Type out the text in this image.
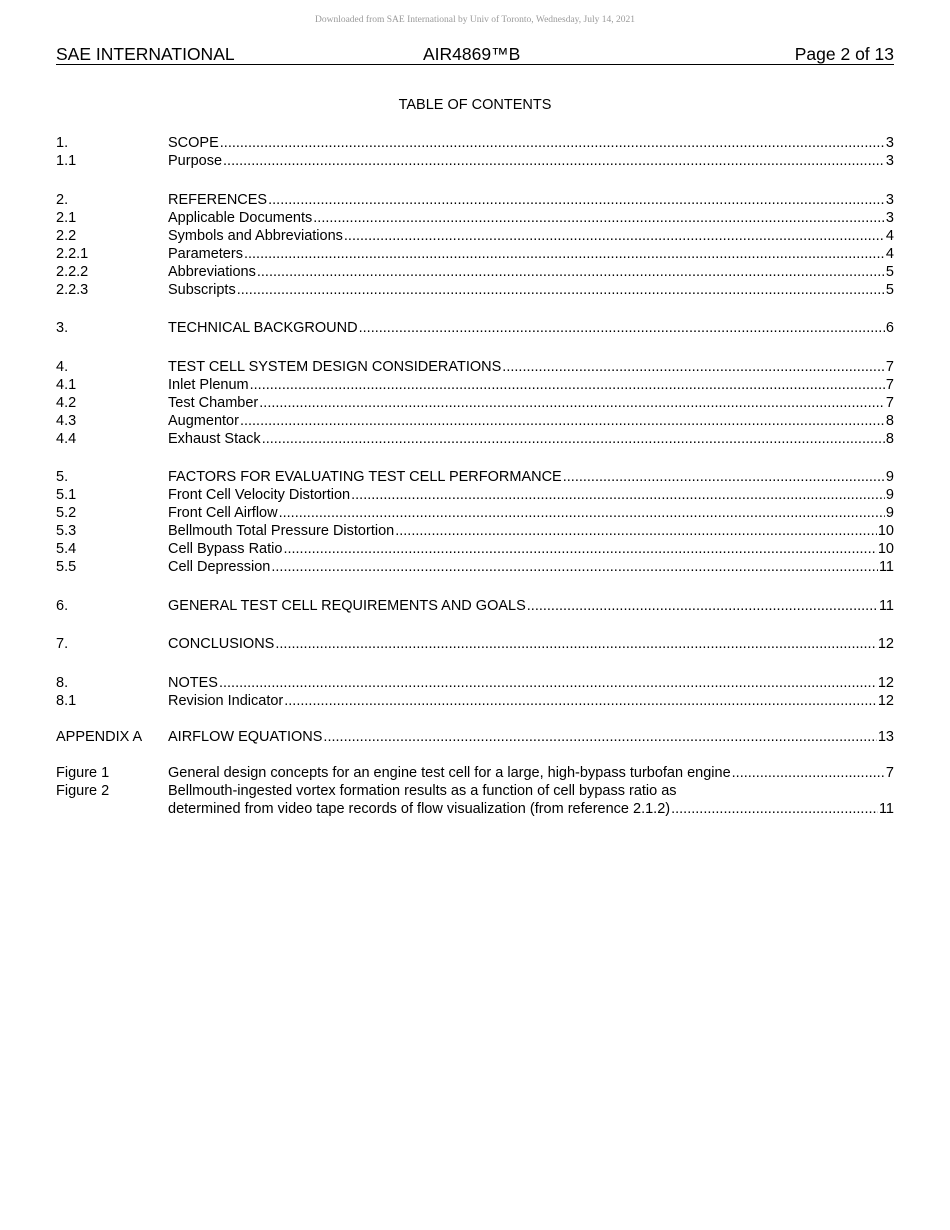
Downloaded from SAE International by Univ of Toronto, Wednesday, July 14, 2021
SAE INTERNATIONAL	AIR4869™B	Page 2 of 13
TABLE OF CONTENTS
1.	SCOPE .....	3
1.1	Purpose .....	3
2.	REFERENCES .....	3
2.1	Applicable Documents .....	3
2.2	Symbols and Abbreviations .....	4
2.2.1	Parameters .....	4
2.2.2	Abbreviations .....	5
2.2.3	Subscripts .....	5
3.	TECHNICAL BACKGROUND .....	6
4.	TEST CELL SYSTEM DESIGN CONSIDERATIONS .....	7
4.1	Inlet Plenum .....	7
4.2	Test Chamber .....	7
4.3	Augmentor .....	8
4.4	Exhaust Stack .....	8
5.	FACTORS FOR EVALUATING TEST CELL PERFORMANCE .....	9
5.1	Front Cell Velocity Distortion .....	9
5.2	Front Cell Airflow .....	9
5.3	Bellmouth Total Pressure Distortion .....	10
5.4	Cell Bypass Ratio .....	10
5.5	Cell Depression .....	11
6.	GENERAL TEST CELL REQUIREMENTS AND GOALS .....	11
7.	CONCLUSIONS .....	12
8.	NOTES .....	12
8.1	Revision Indicator .....	12
APPENDIX A	AIRFLOW EQUATIONS .....	13
Figure 1	General design concepts for an engine test cell for a large, high-bypass turbofan engine .....	7
Figure 2	Bellmouth-ingested vortex formation results as a function of cell bypass ratio as
determined from video tape records of flow visualization (from reference 2.1.2) .....	11
